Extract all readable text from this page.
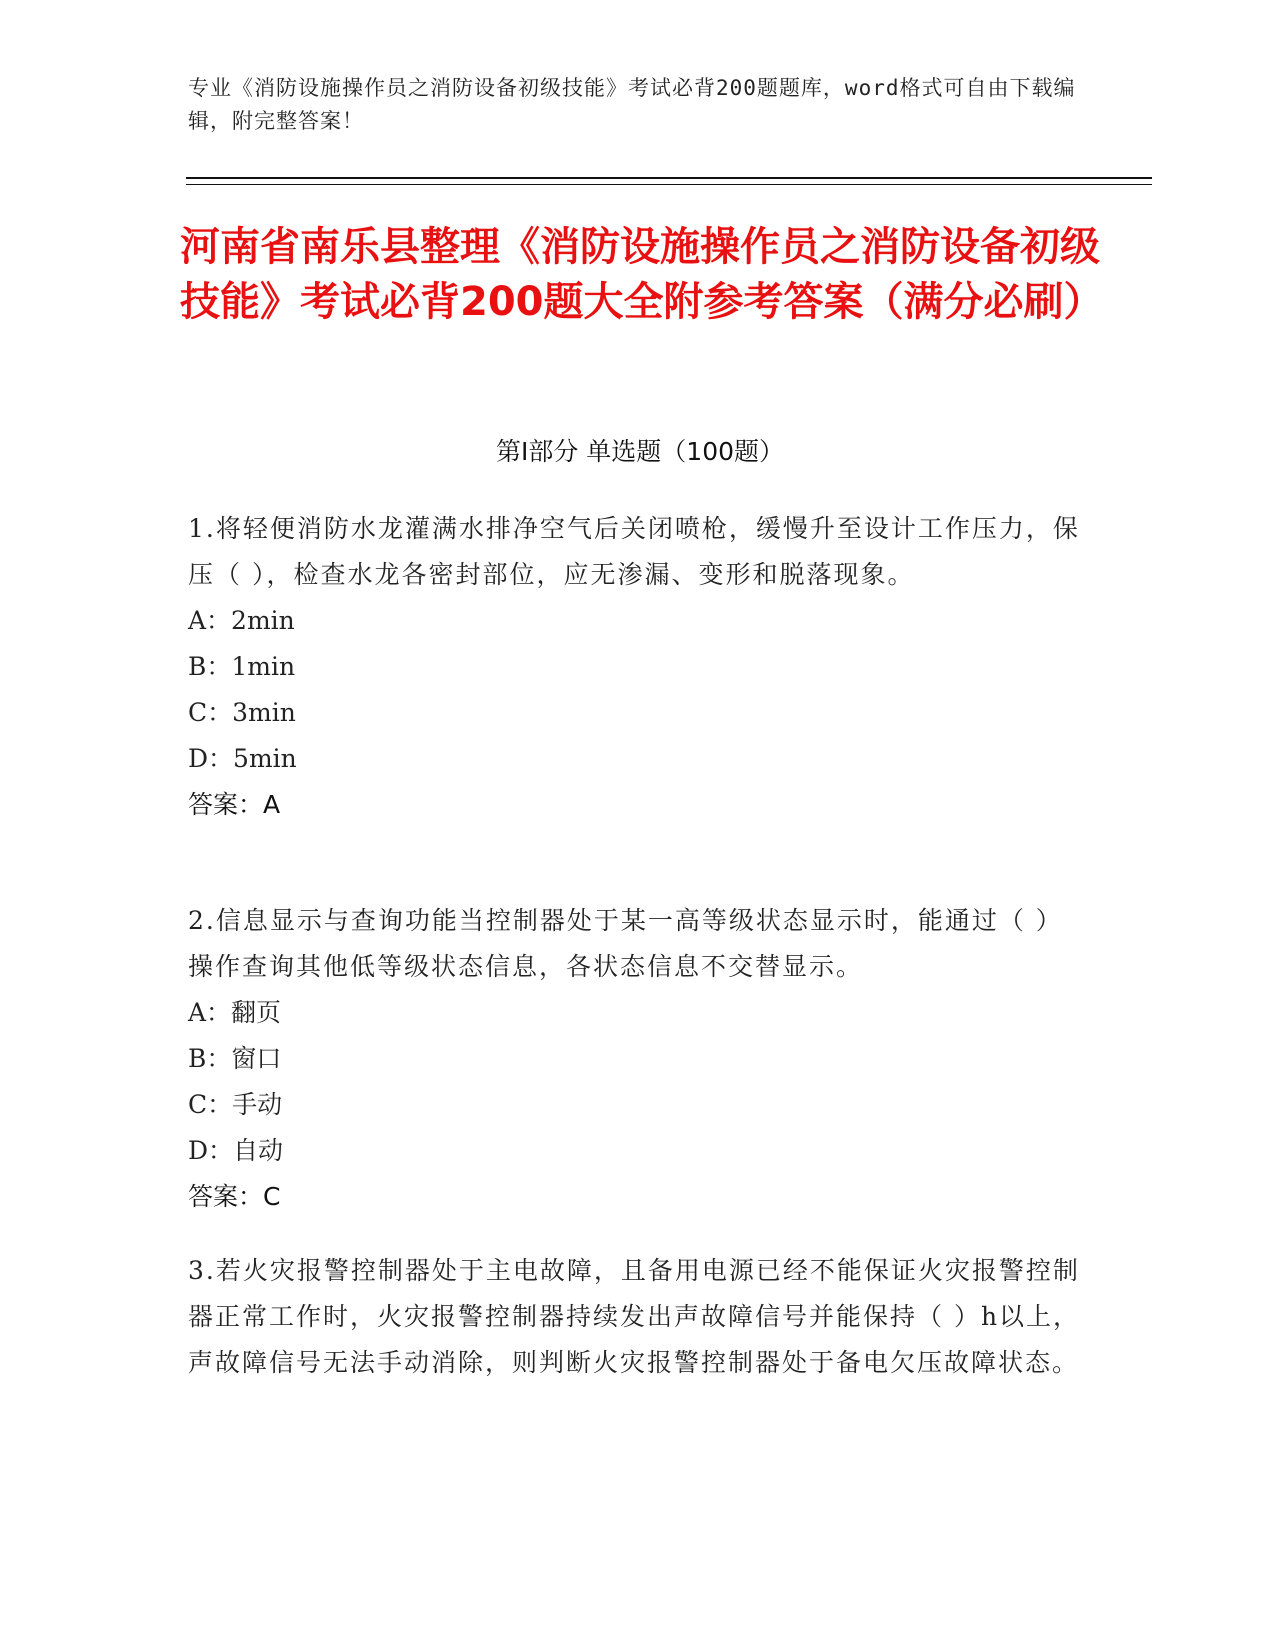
专业《消防设施操作员之消防设备初级技能》考试必背200题题库，word格式可自由下载编辑，附完整答案！
河南省南乐县整理《消防设施操作员之消防设备初级技能》考试必背200题大全附参考答案（满分必刷）
第Ⅰ部分 单选题（100题）

1.将轻便消防水龙灌满水排净空气后关闭喷枪，缓慢升至设计工作压力，保压（ ），检查水龙各密封部位，应无渗漏、变形和脱落现象。

A：2min

B：1min

C：3min

D：5min

答案：A

2.信息显示与查询功能当控制器处于某一高等级状态显示时，能通过（ ）操作查询其他低等级状态信息，各状态信息不交替显示。

A：翻页

B：窗口

C：手动

D：自动

答案：C

3.若火灾报警控制器处于主电故障，且备用电源已经不能保证火灾报警控制器正常工作时，火灾报警控制器持续发出声故障信号并能保持（ ）h以上，声故障信号无法手动消除，则判断火灾报警控制器处于备电欠压故障状态。
